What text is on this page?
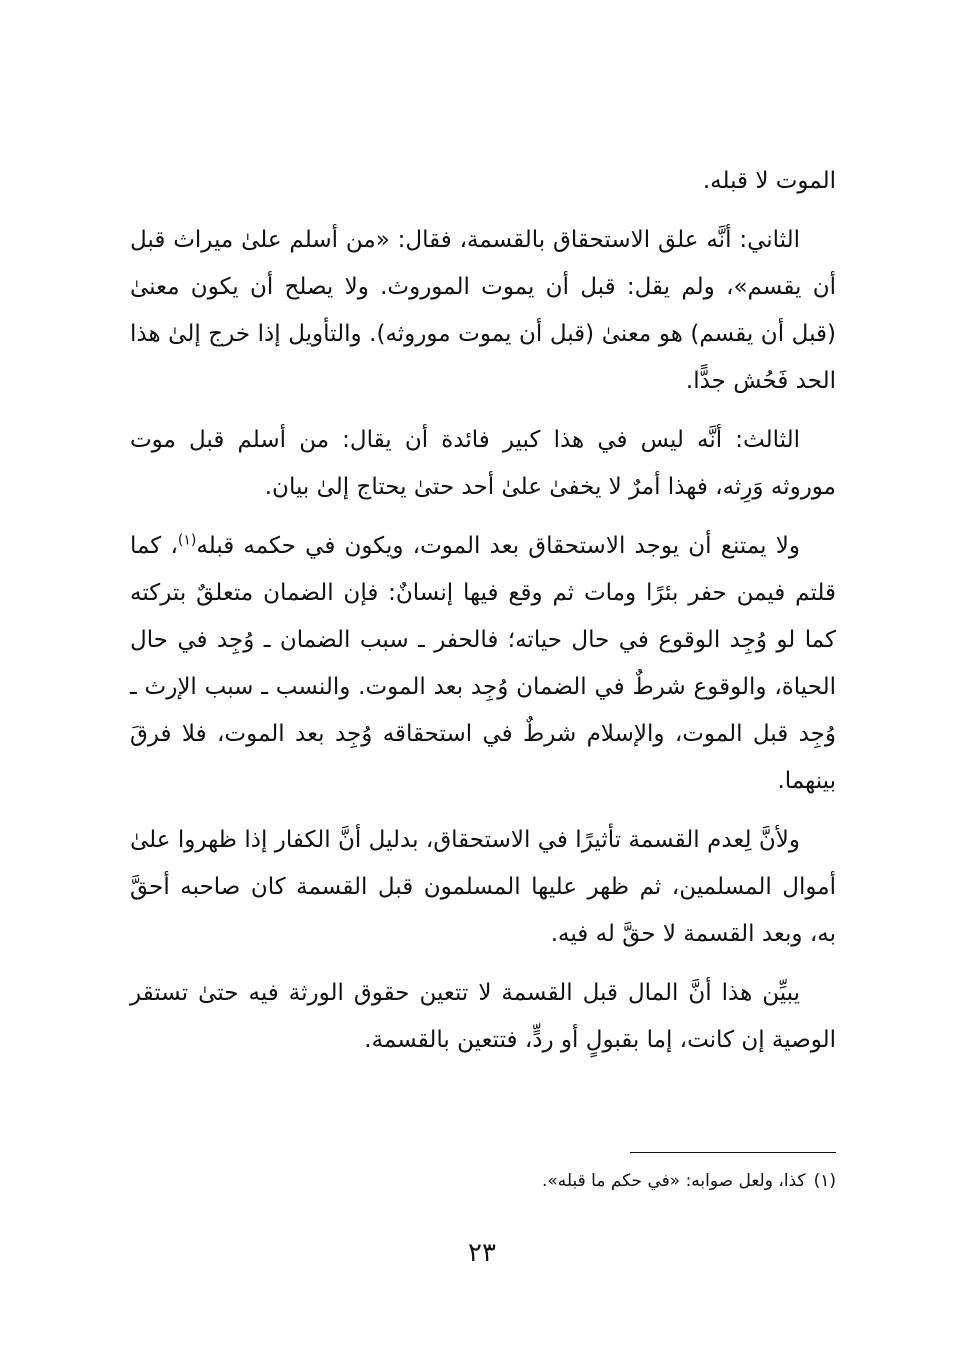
الموت لا قبله.

الثاني: أنَّه علق الاستحقاق بالقسمة، فقال: «من أسلم علىٰ ميراث قبل أن يقسم»، ولم يقل: قبل أن يموت الموروث. ولا يصلح أن يكون معنىٰ (قبل أن يقسم) هو معنىٰ (قبل أن يموت موروثه). والتأويل إذا خرج إلىٰ هذا الحد فَحُش جدًّا.

الثالث: أنَّه ليس في هذا كبير فائدة أن يقال: من أسلم قبل موت موروثه وَرِثه، فهذا أمرٌ لا يخفىٰ علىٰ أحد حتىٰ يحتاج إلىٰ بيان.

ولا يمتنع أن يوجد الاستحقاق بعد الموت، ويكون في حكمه قبله$^{(١)}$، كما قلتم فيمن حفر بئرًا ومات ثم وقع فيها إنسانٌ: فإن الضمان متعلقٌ بتركته كما لو وُجِد الوقوع في حال حياته؛ فالحفر ـ سبب الضمان ـ وُجِد في حال الحياة، والوقوع شرطٌ في الضمان وُجِد بعد الموت. والنسب ـ سبب الإرث ـ وُجِد قبل الموت، والإسلام شرطٌ في استحقاقه وُجِد بعد الموت، فلا فرقَ بينهما.

ولأنَّ لِعدم القسمة تأثيرًا في الاستحقاق، بدليل أنَّ الكفار إذا ظهروا علىٰ أموال المسلمين، ثم ظهر عليها المسلمون قبل القسمة كان صاحبه أحقَّ به، وبعد القسمة لا حقَّ له فيه.

يبيِّن هذا أنَّ المال قبل القسمة لا تتعين حقوق الورثة فيه حتىٰ تستقر الوصية إن كانت، إما بقبولٍ أو ردٍّ، فتتعين بالقسمة.

(١)كذا، ولعل صوابه: «في حكم ما قبله».
٢٣
